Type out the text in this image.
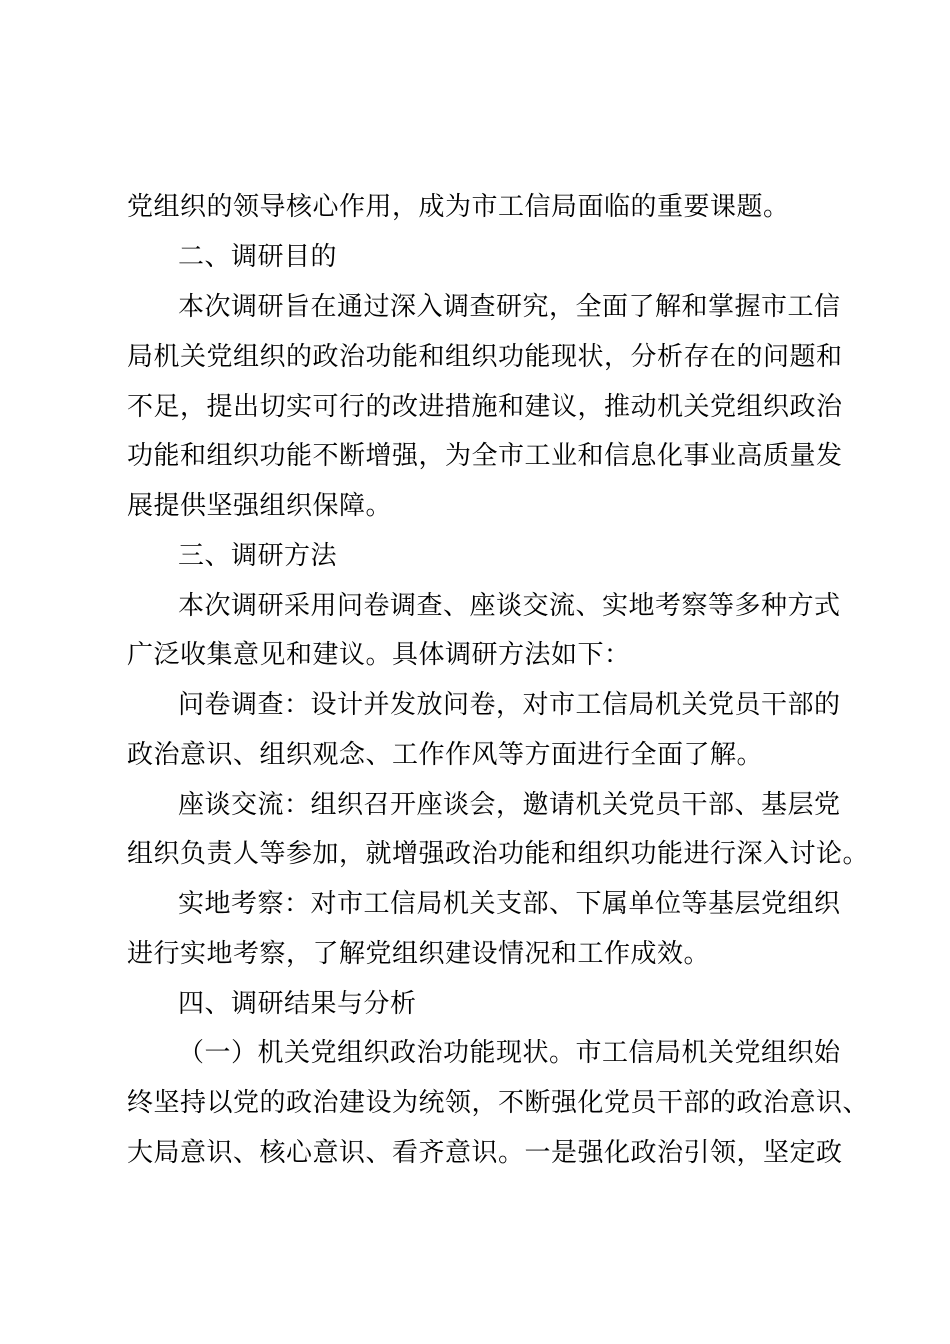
党组织的领导核心作用，成为市工信局面临的重要课题。
二、调研目的
本次调研旨在通过深入调查研究，全面了解和掌握市工信
局机关党组织的政治功能和组织功能现状，分析存在的问题和
不足，提出切实可行的改进措施和建议，推动机关党组织政治
功能和组织功能不断增强，为全市工业和信息化事业高质量发
展提供坚强组织保障。
三、调研方法
本次调研采用问卷调查、座谈交流、实地考察等多种方式
广泛收集意见和建议。具体调研方法如下：
问卷调查：设计并发放问卷，对市工信局机关党员干部的
政治意识、组织观念、工作作风等方面进行全面了解。
座谈交流：组织召开座谈会，邀请机关党员干部、基层党
组织负责人等参加，就增强政治功能和组织功能进行深入讨论。
实地考察：对市工信局机关支部、下属单位等基层党组织
进行实地考察，了解党组织建设情况和工作成效。
四、调研结果与分析
（一）机关党组织政治功能现状。市工信局机关党组织始
终坚持以党的政治建设为统领，不断强化党员干部的政治意识、
大局意识、核心意识、看齐意识。一是强化政治引领，坚定政
